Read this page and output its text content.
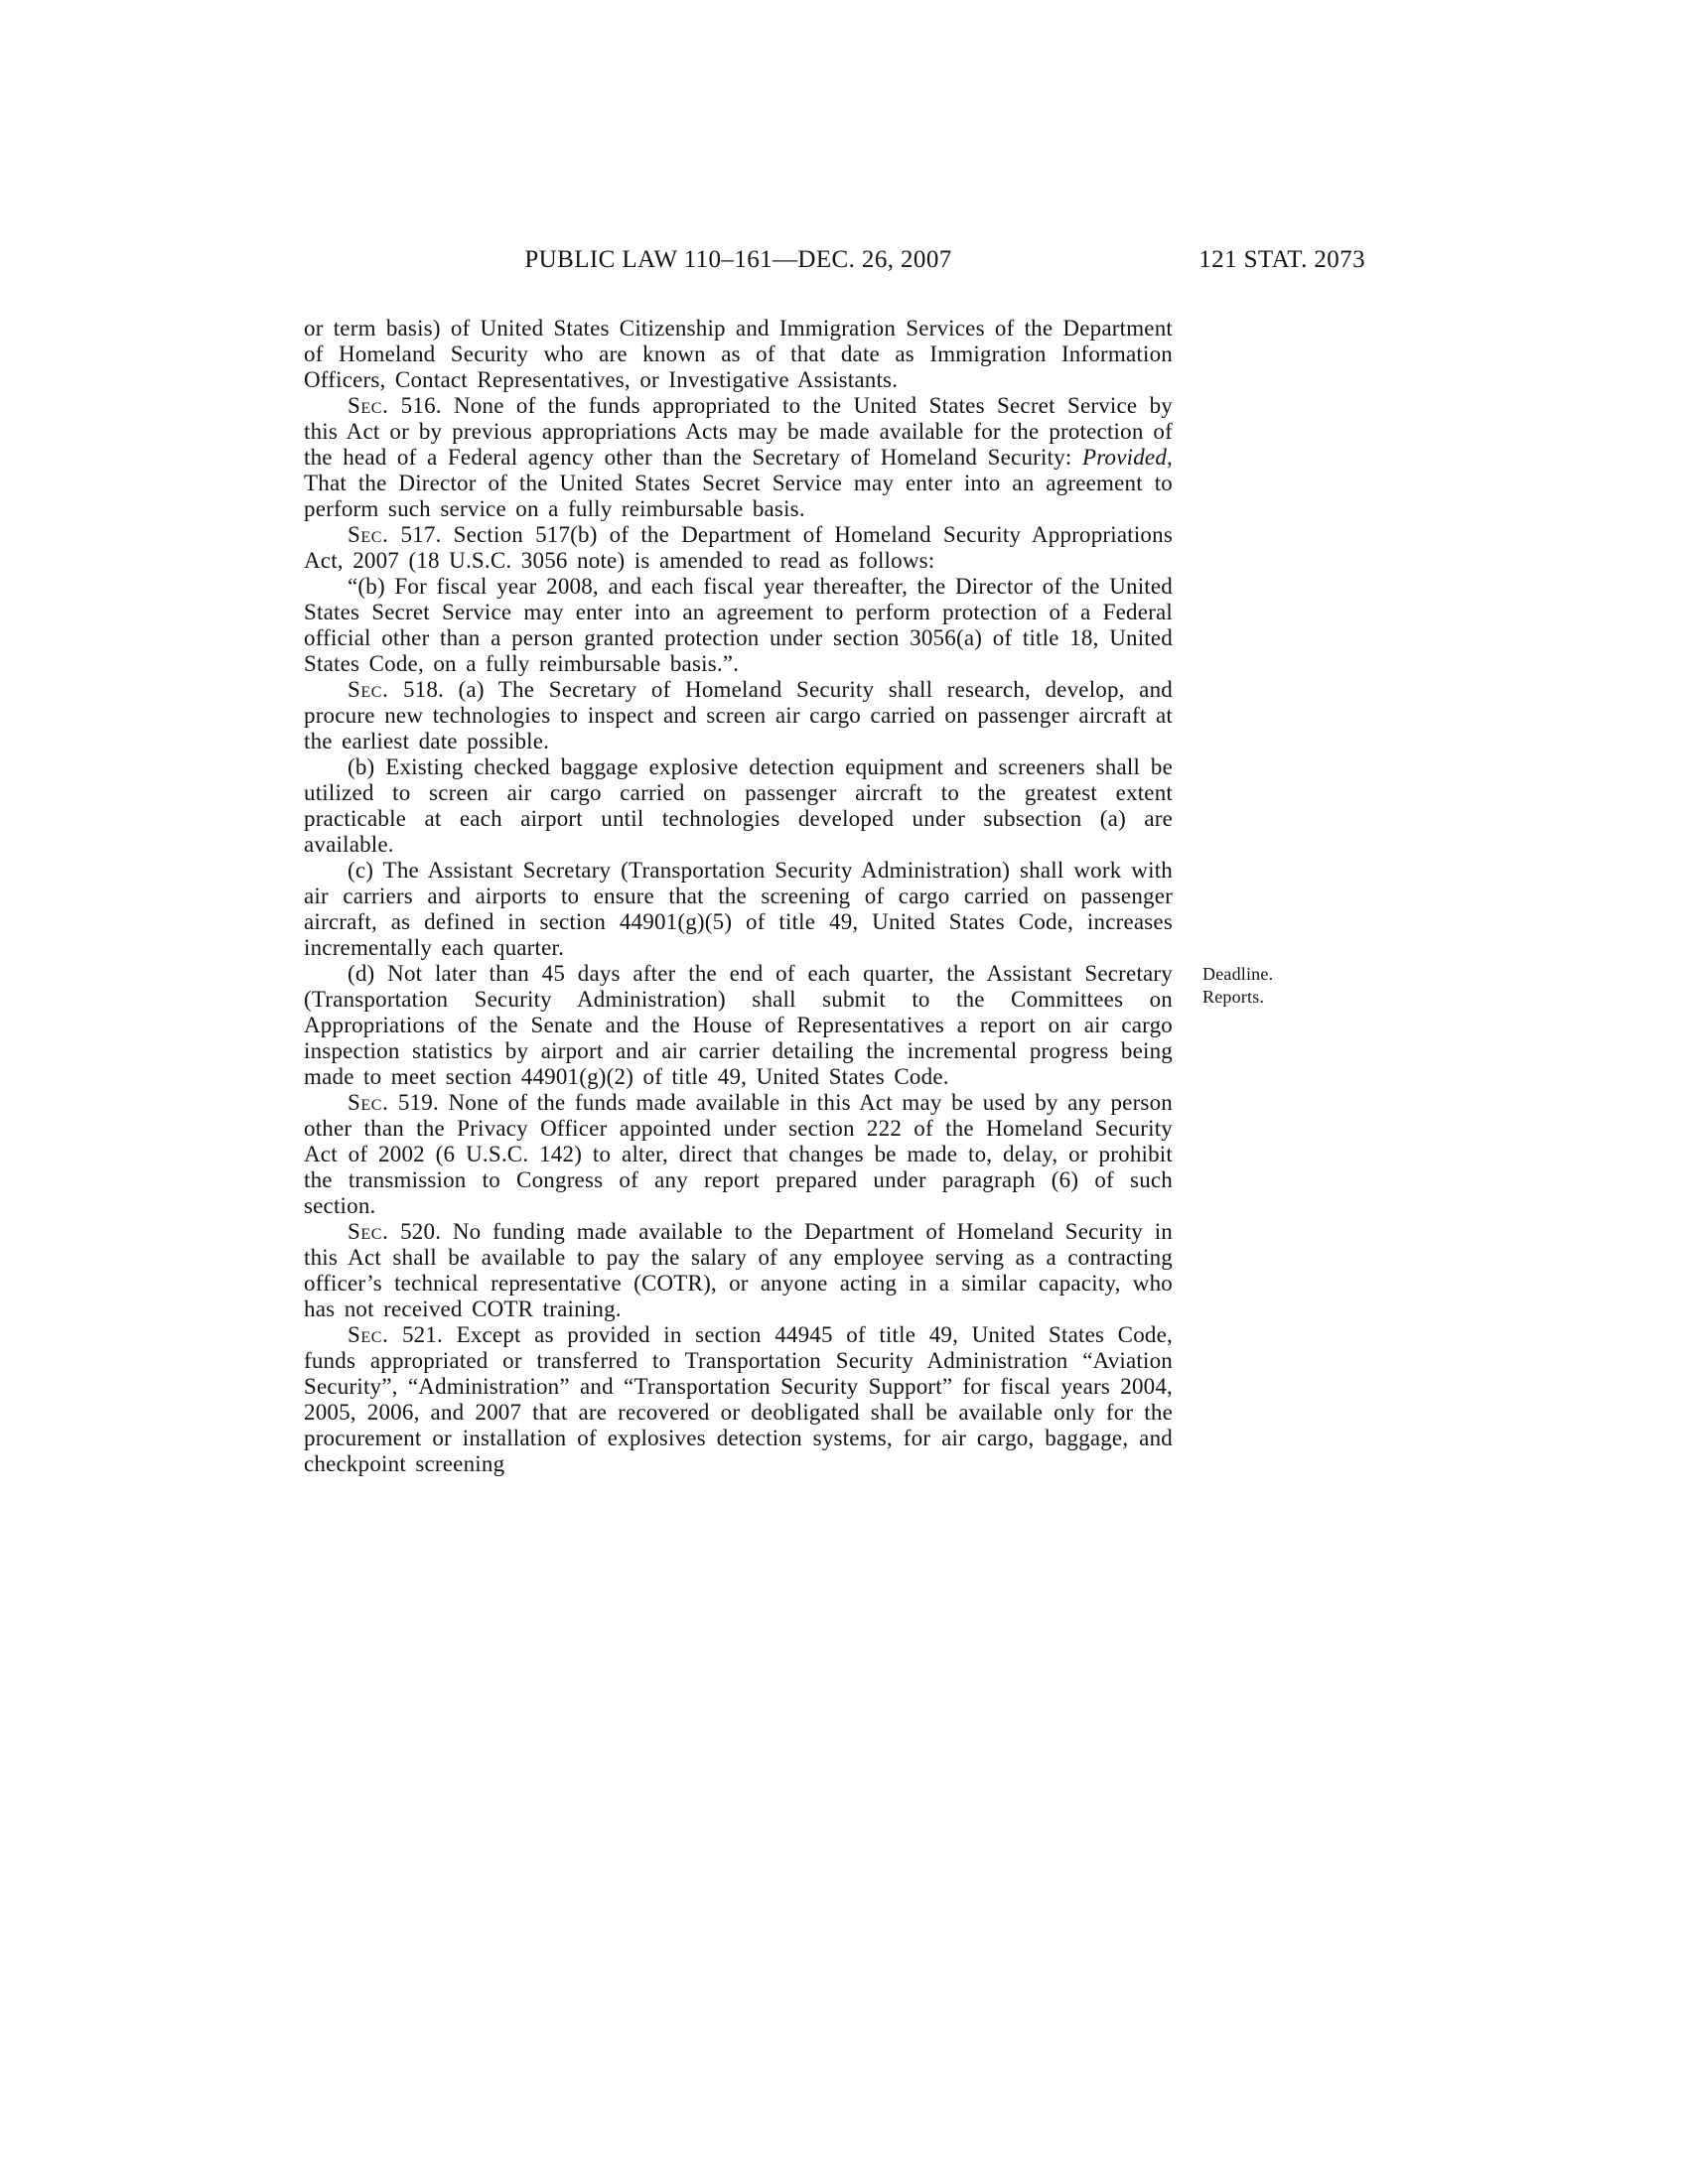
PUBLIC LAW 110–161—DEC. 26, 2007	121 STAT. 2073

or term basis) of United States Citizenship and Immigration Services of the Department of Homeland Security who are known as of that date as Immigration Information Officers, Contact Representatives, or Investigative Assistants.

Sec. 516. None of the funds appropriated to the United States Secret Service by this Act or by previous appropriations Acts may be made available for the protection of the head of a Federal agency other than the Secretary of Homeland Security: Provided, That the Director of the United States Secret Service may enter into an agreement to perform such service on a fully reimbursable basis.

Sec. 517. Section 517(b) of the Department of Homeland Security Appropriations Act, 2007 (18 U.S.C. 3056 note) is amended to read as follows:

“(b) For fiscal year 2008, and each fiscal year thereafter, the Director of the United States Secret Service may enter into an agreement to perform protection of a Federal official other than a person granted protection under section 3056(a) of title 18, United States Code, on a fully reimbursable basis.”.

Sec. 518. (a) The Secretary of Homeland Security shall research, develop, and procure new technologies to inspect and screen air cargo carried on passenger aircraft at the earliest date possible.

(b) Existing checked baggage explosive detection equipment and screeners shall be utilized to screen air cargo carried on passenger aircraft to the greatest extent practicable at each airport until technologies developed under subsection (a) are available.

(c) The Assistant Secretary (Transportation Security Administration) shall work with air carriers and airports to ensure that the screening of cargo carried on passenger aircraft, as defined in section 44901(g)(5) of title 49, United States Code, increases incrementally each quarter.

(d) Not later than 45 days after the end of each quarter, the Assistant Secretary (Transportation Security Administration) shall submit to the Committees on Appropriations of the Senate and the House of Representatives a report on air cargo inspection statistics by airport and air carrier detailing the incremental progress being made to meet section 44901(g)(2) of title 49, United States Code.
Deadline.
Reports.

Sec. 519. None of the funds made available in this Act may be used by any person other than the Privacy Officer appointed under section 222 of the Homeland Security Act of 2002 (6 U.S.C. 142) to alter, direct that changes be made to, delay, or prohibit the transmission to Congress of any report prepared under paragraph (6) of such section.

Sec. 520. No funding made available to the Department of Homeland Security in this Act shall be available to pay the salary of any employee serving as a contracting officer’s technical representative (COTR), or anyone acting in a similar capacity, who has not received COTR training.

Sec. 521. Except as provided in section 44945 of title 49, United States Code, funds appropriated or transferred to Transportation Security Administration “Aviation Security”, “Administration” and “Transportation Security Support” for fiscal years 2004, 2005, 2006, and 2007 that are recovered or deobligated shall be available only for the procurement or installation of explosives detection systems, for air cargo, baggage, and checkpoint screening
